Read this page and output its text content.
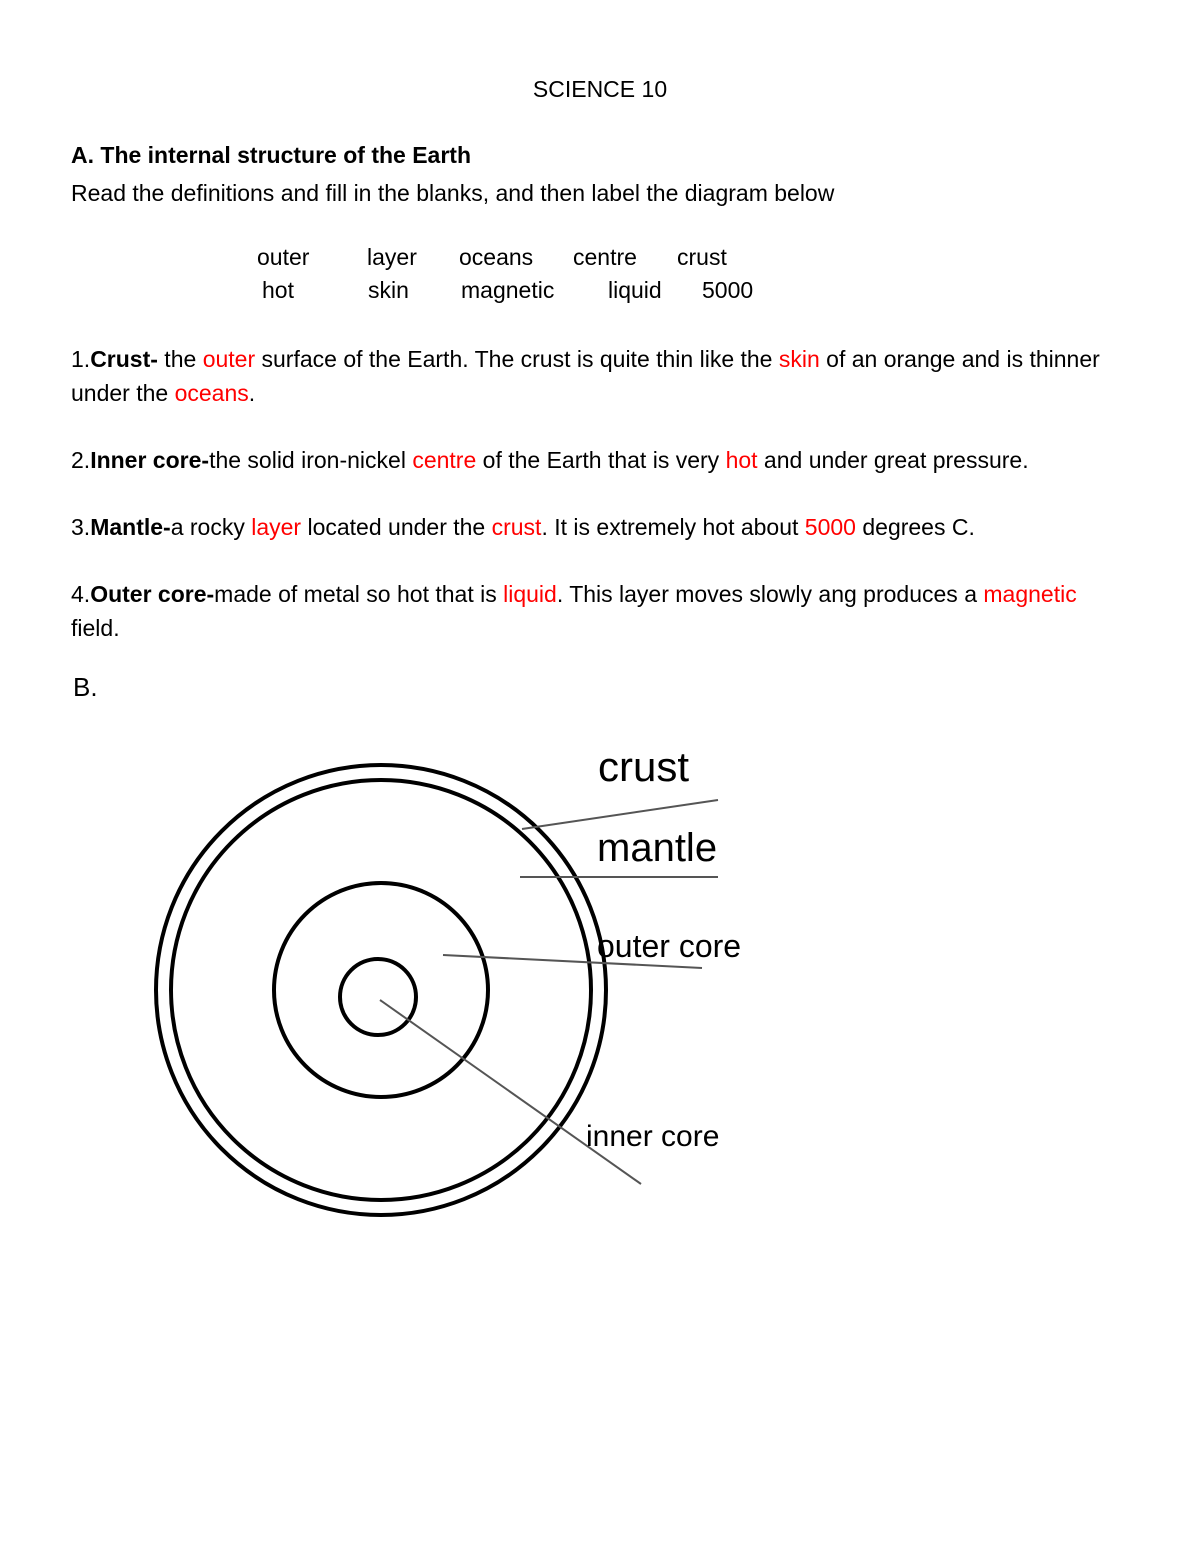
SCIENCE 10
A. The internal structure of the Earth
Read the definitions and fill in the blanks, and then label the diagram below
outer	layer oceans centre crust
hot	skin magnetic liquid 5000
1.Crust- the outer surface of the Earth. The crust is quite thin like the skin of an orange and is thinner under the oceans.
2.Inner core-the solid iron-nickel centre of the Earth that is very hot and under great pressure.
3.Mantle-a rocky layer located under the crust. It is extremely hot about 5000 degrees C.
4.Outer core-made of metal so hot that is liquid. This layer moves slowly ang produces a magnetic field.
B.
crust
mantle
outer core
inner core
